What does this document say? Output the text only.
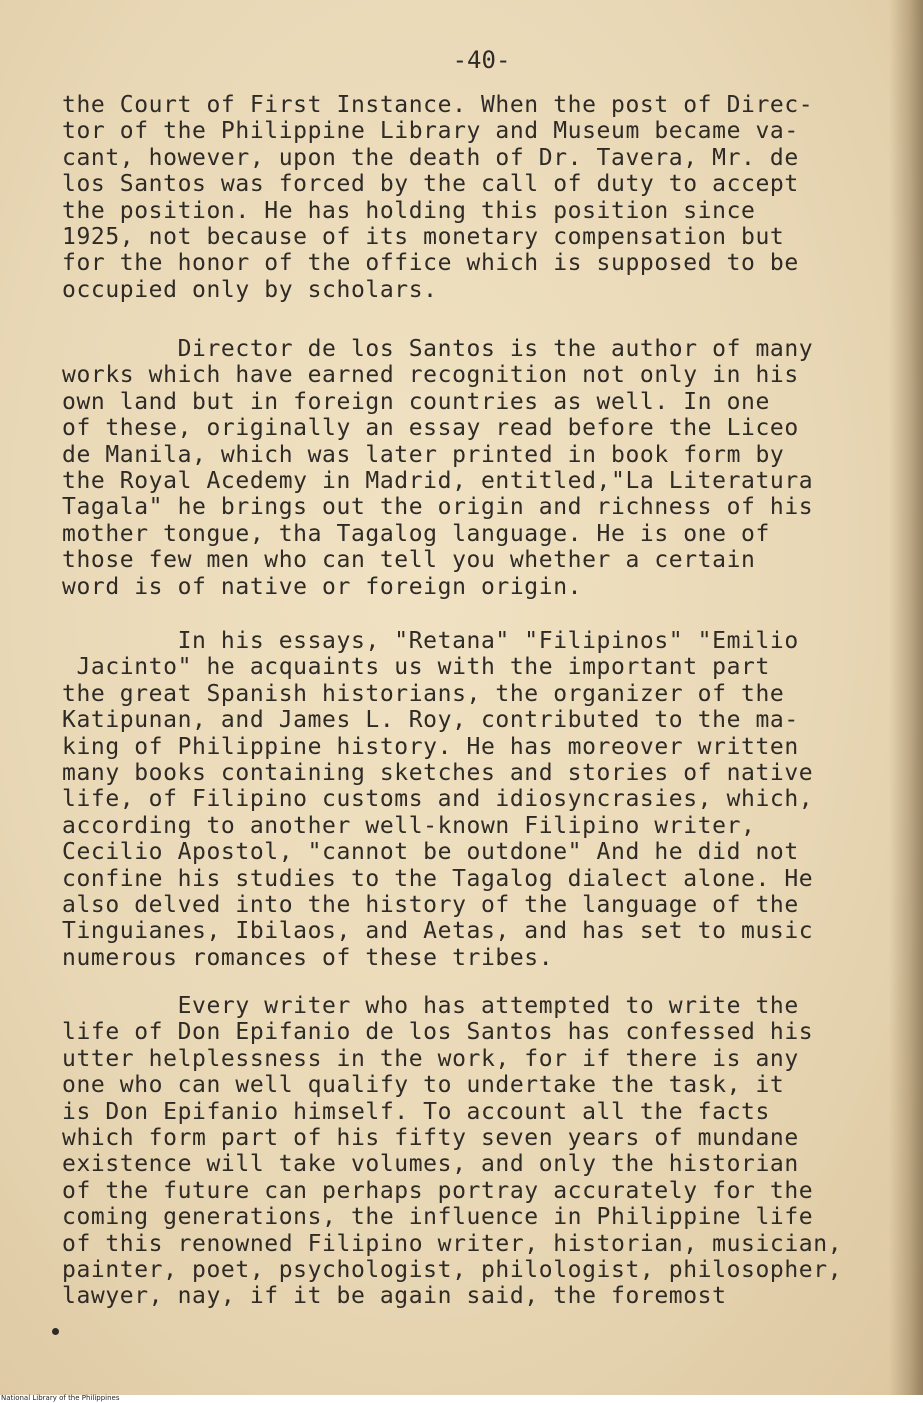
-40-
the Court of First Instance. When the post of Direc-
tor of the Philippine Library and Museum became va-
cant, however, upon the death of Dr. Tavera, Mr. de
los Santos was forced by the call of duty to accept
the position. He has holding this position since
1925, not because of its monetary compensation but
for the honor of the office which is supposed to be
occupied only by scholars.
Director de los Santos is the author of many
works which have earned recognition not only in his
own land but in foreign countries as well. In one
of these, originally an essay read before the Liceo
de Manila, which was later printed in book form by
the Royal Acedemy in Madrid, entitled,"La Literatura
Tagala" he brings out the origin and richness of his
mother tongue, tha Tagalog language. He is one of
those few men who can tell you whether a certain
word is of native or foreign origin.
In his essays, "Retana" "Filipinos" "Emilio
Jacinto" he acquaints us with the important part
the great Spanish historians, the organizer of the
Katipunan, and James L. Roy, contributed to the ma-
king of Philippine history. He has moreover written
many books containing sketches and stories of native
life, of Filipino customs and idiosyncrasies, which,
according to another well-known Filipino writer,
Cecilio Apostol, "cannot be outdone" And he did not
confine his studies to the Tagalog dialect alone. He
also delved into the history of the language of the
Tinguianes, Ibilaos, and Aetas, and has set to music
numerous romances of these tribes.
Every writer who has attempted to write the
life of Don Epifanio de los Santos has confessed his
utter helplessness in the work, for if there is any
one who can well qualify to undertake the task, it
is Don Epifanio himself. To account all the facts
which form part of his fifty seven years of mundane
existence will take volumes, and only the historian
of the future can perhaps portray accurately for the
coming generations, the influence in Philippine life
of this renowned Filipino writer, historian, musician,
painter, poet, psychologist, philologist, philosopher,
lawyer, nay, if it be again said, the foremost
National Library of the Philippines
